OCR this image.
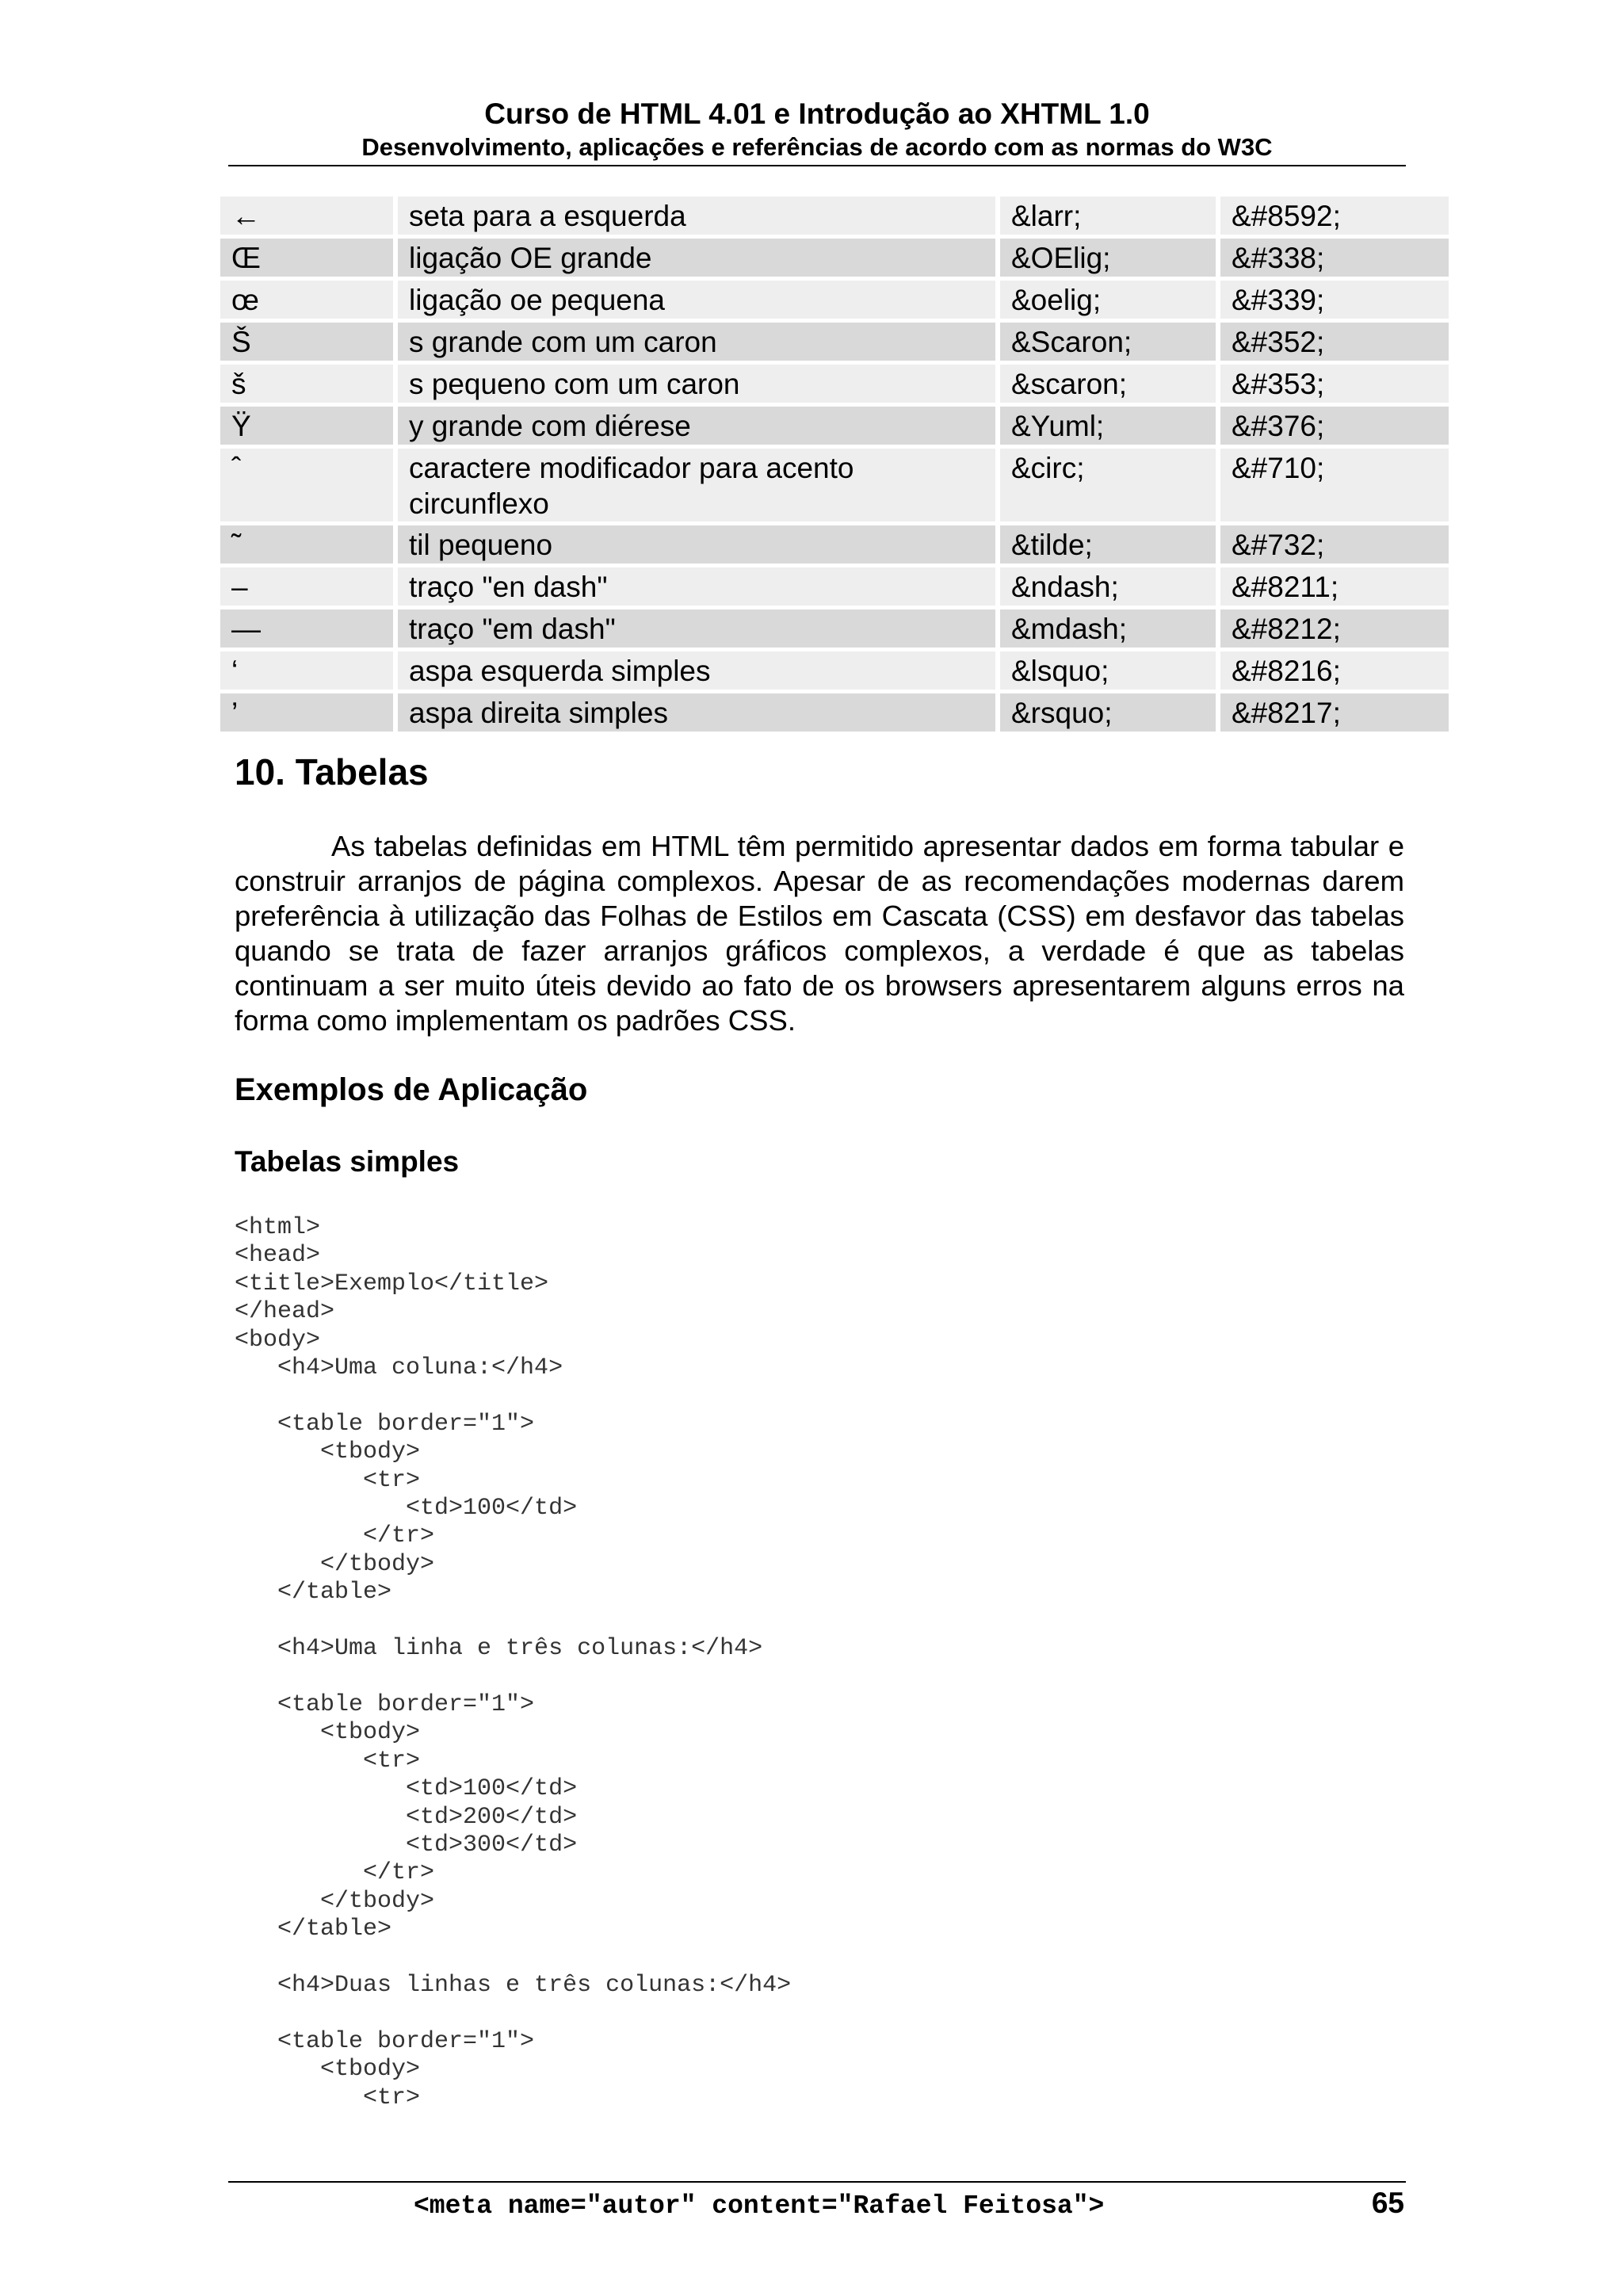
Curso de HTML 4.01 e Introdução ao XHTML 1.0
Desenvolvimento, aplicações e referências de acordo com as normas do W3C
←	seta para a esquerda	&larr;	&#8592;
Œ	ligação OE grande	&OElig;	&#338;
œ	ligação oe pequena	&oelig;	&#339;
Š	s grande com um caron	&Scaron;	&#352;
š	s pequeno com um caron	&scaron;	&#353;
Ÿ	y grande com diérese	&Yuml;	&#376;
ˆ	caractere modificador para acento circunflexo	&circ;	&#710;
˜	til pequeno	&tilde;	&#732;
–	traço "en dash"	&ndash;	&#8211;
—	traço "em dash"	&mdash;	&#8212;
‘	aspa esquerda simples	&lsquo;	&#8216;
’	aspa direita simples	&rsquo;	&#8217;
10. Tabelas
As tabelas definidas em HTML têm permitido apresentar dados em forma tabular e construir arranjos de página complexos. Apesar de as recomendações modernas darem preferência à utilização das Folhas de Estilos em Cascata (CSS) em desfavor das tabelas quando se trata de fazer arranjos gráficos complexos, a verdade é que as tabelas continuam a ser muito úteis devido ao fato de os browsers apresentarem alguns erros na forma como implementam os padrões CSS.
Exemplos de Aplicação
Tabelas simples
<html>
<head>
<title>Exemplo</title>
</head>
<body>
<h4>Uma coluna:</h4>

<table border="1">
<tbody>
<tr>
<td>100</td>
</tr>
</tbody>
</table>

<h4>Uma linha e três colunas:</h4>

<table border="1">
<tbody>
<tr>
<td>100</td>
<td>200</td>
<td>300</td>
</tr>
</tbody>
</table>

<h4>Duas linhas e três colunas:</h4>

<table border="1">
<tbody>
<tr>
<meta name="autor" content="Rafael Feitosa">	65
